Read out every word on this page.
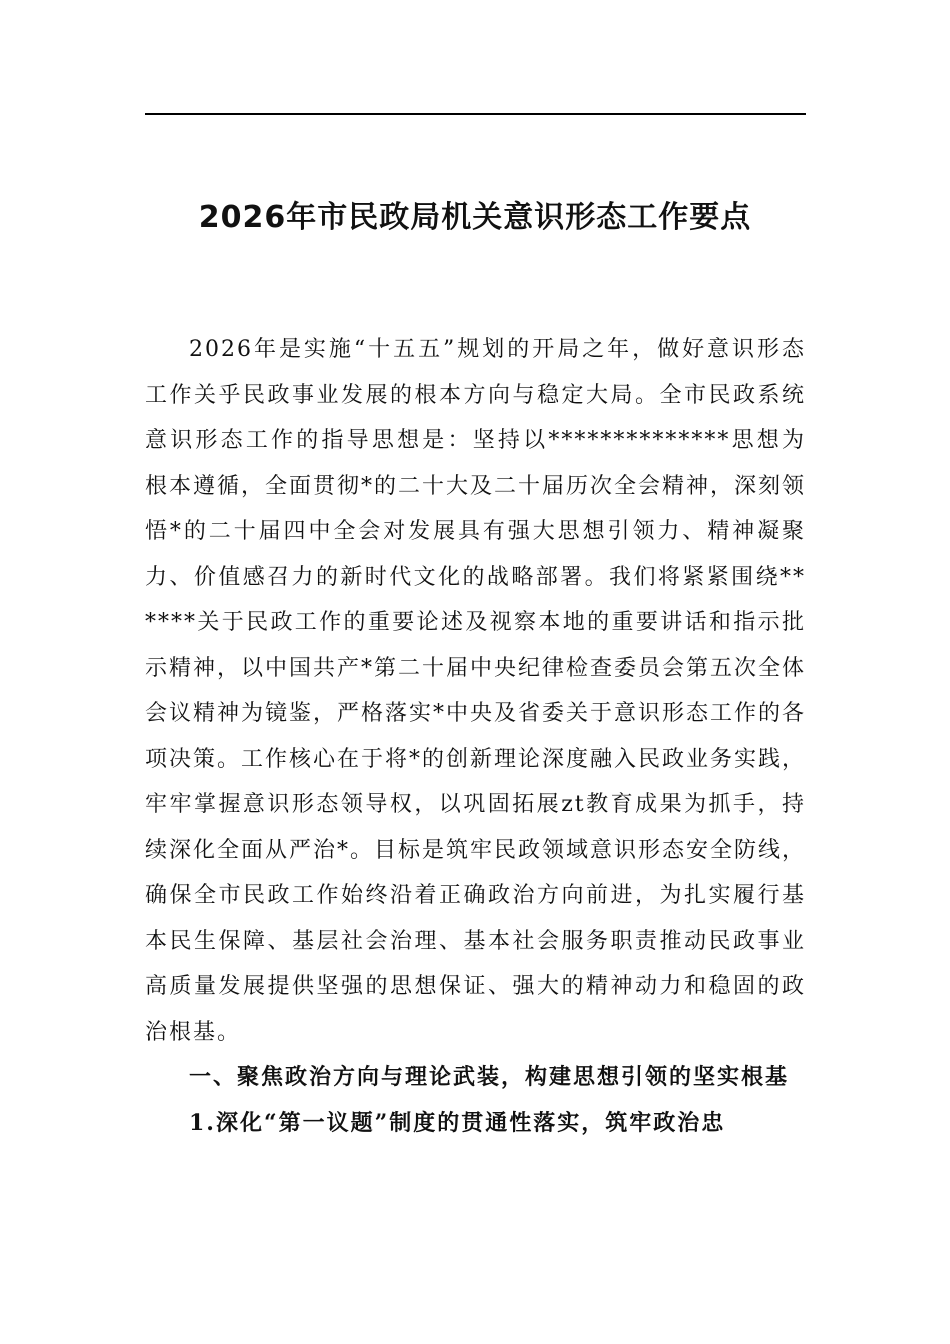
2026年市民政局机关意识形态工作要点

2026年是实施“十五五”规划的开局之年，做好意识形态工作关乎民政事业发展的根本方向与稳定大局。全市民政系统意识形态工作的指导思想是：坚持以**************思想为根本遵循，全面贯彻*的二十大及二十届历次全会精神，深刻领悟*的二十届四中全会对发展具有强大思想引领力、精神凝聚力、价值感召力的新时代文化的战略部署。我们将紧紧围绕******关于民政工作的重要论述及视察本地的重要讲话和指示批示精神，以中国共产*第二十届中央纪律检查委员会第五次全体会议精神为镜鉴，严格落实*中央及省委关于意识形态工作的各项决策。工作核心在于将*的创新理论深度融入民政业务实践，牢牢掌握意识形态领导权，以巩固拓展zt教育成果为抓手，持续深化全面从严治*。目标是筑牢民政领域意识形态安全防线，确保全市民政工作始终沿着正确政治方向前进，为扎实履行基本民生保障、基层社会治理、基本社会服务职责推动民政事业高质量发展提供坚强的思想保证、强大的精神动力和稳固的政治根基。

一、聚焦政治方向与理论武装，构建思想引领的坚实根基

1.深化“第一议题”制度的贯通性落实，筑牢政治忠
